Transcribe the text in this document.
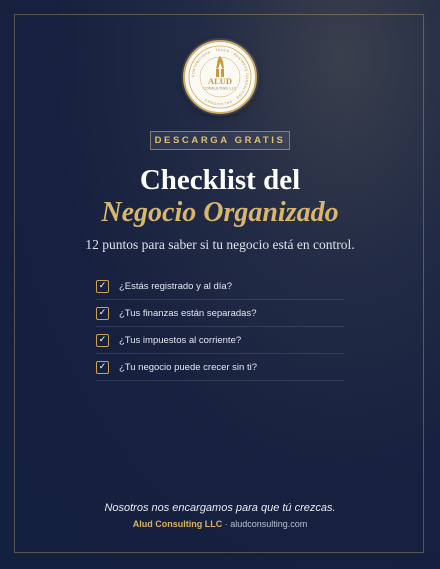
CONTABILIDAD · TAXES · BUSINESS CONSULTING · SOLUCIONES ·
ALUD
CONSULTING LLC
DESCARGA GRATIS
Checklist del
Negocio Organizado
12 puntos para saber si tu negocio está en control.
✓ ¿Estás registrado y al día?
✓ ¿Tus finanzas están separadas?
✓ ¿Tus impuestos al corriente?
✓ ¿Tu negocio puede crecer sin ti?
Nosotros nos encargamos para que tú crezcas.
Alud Consulting LLC · aludconsulting.com
